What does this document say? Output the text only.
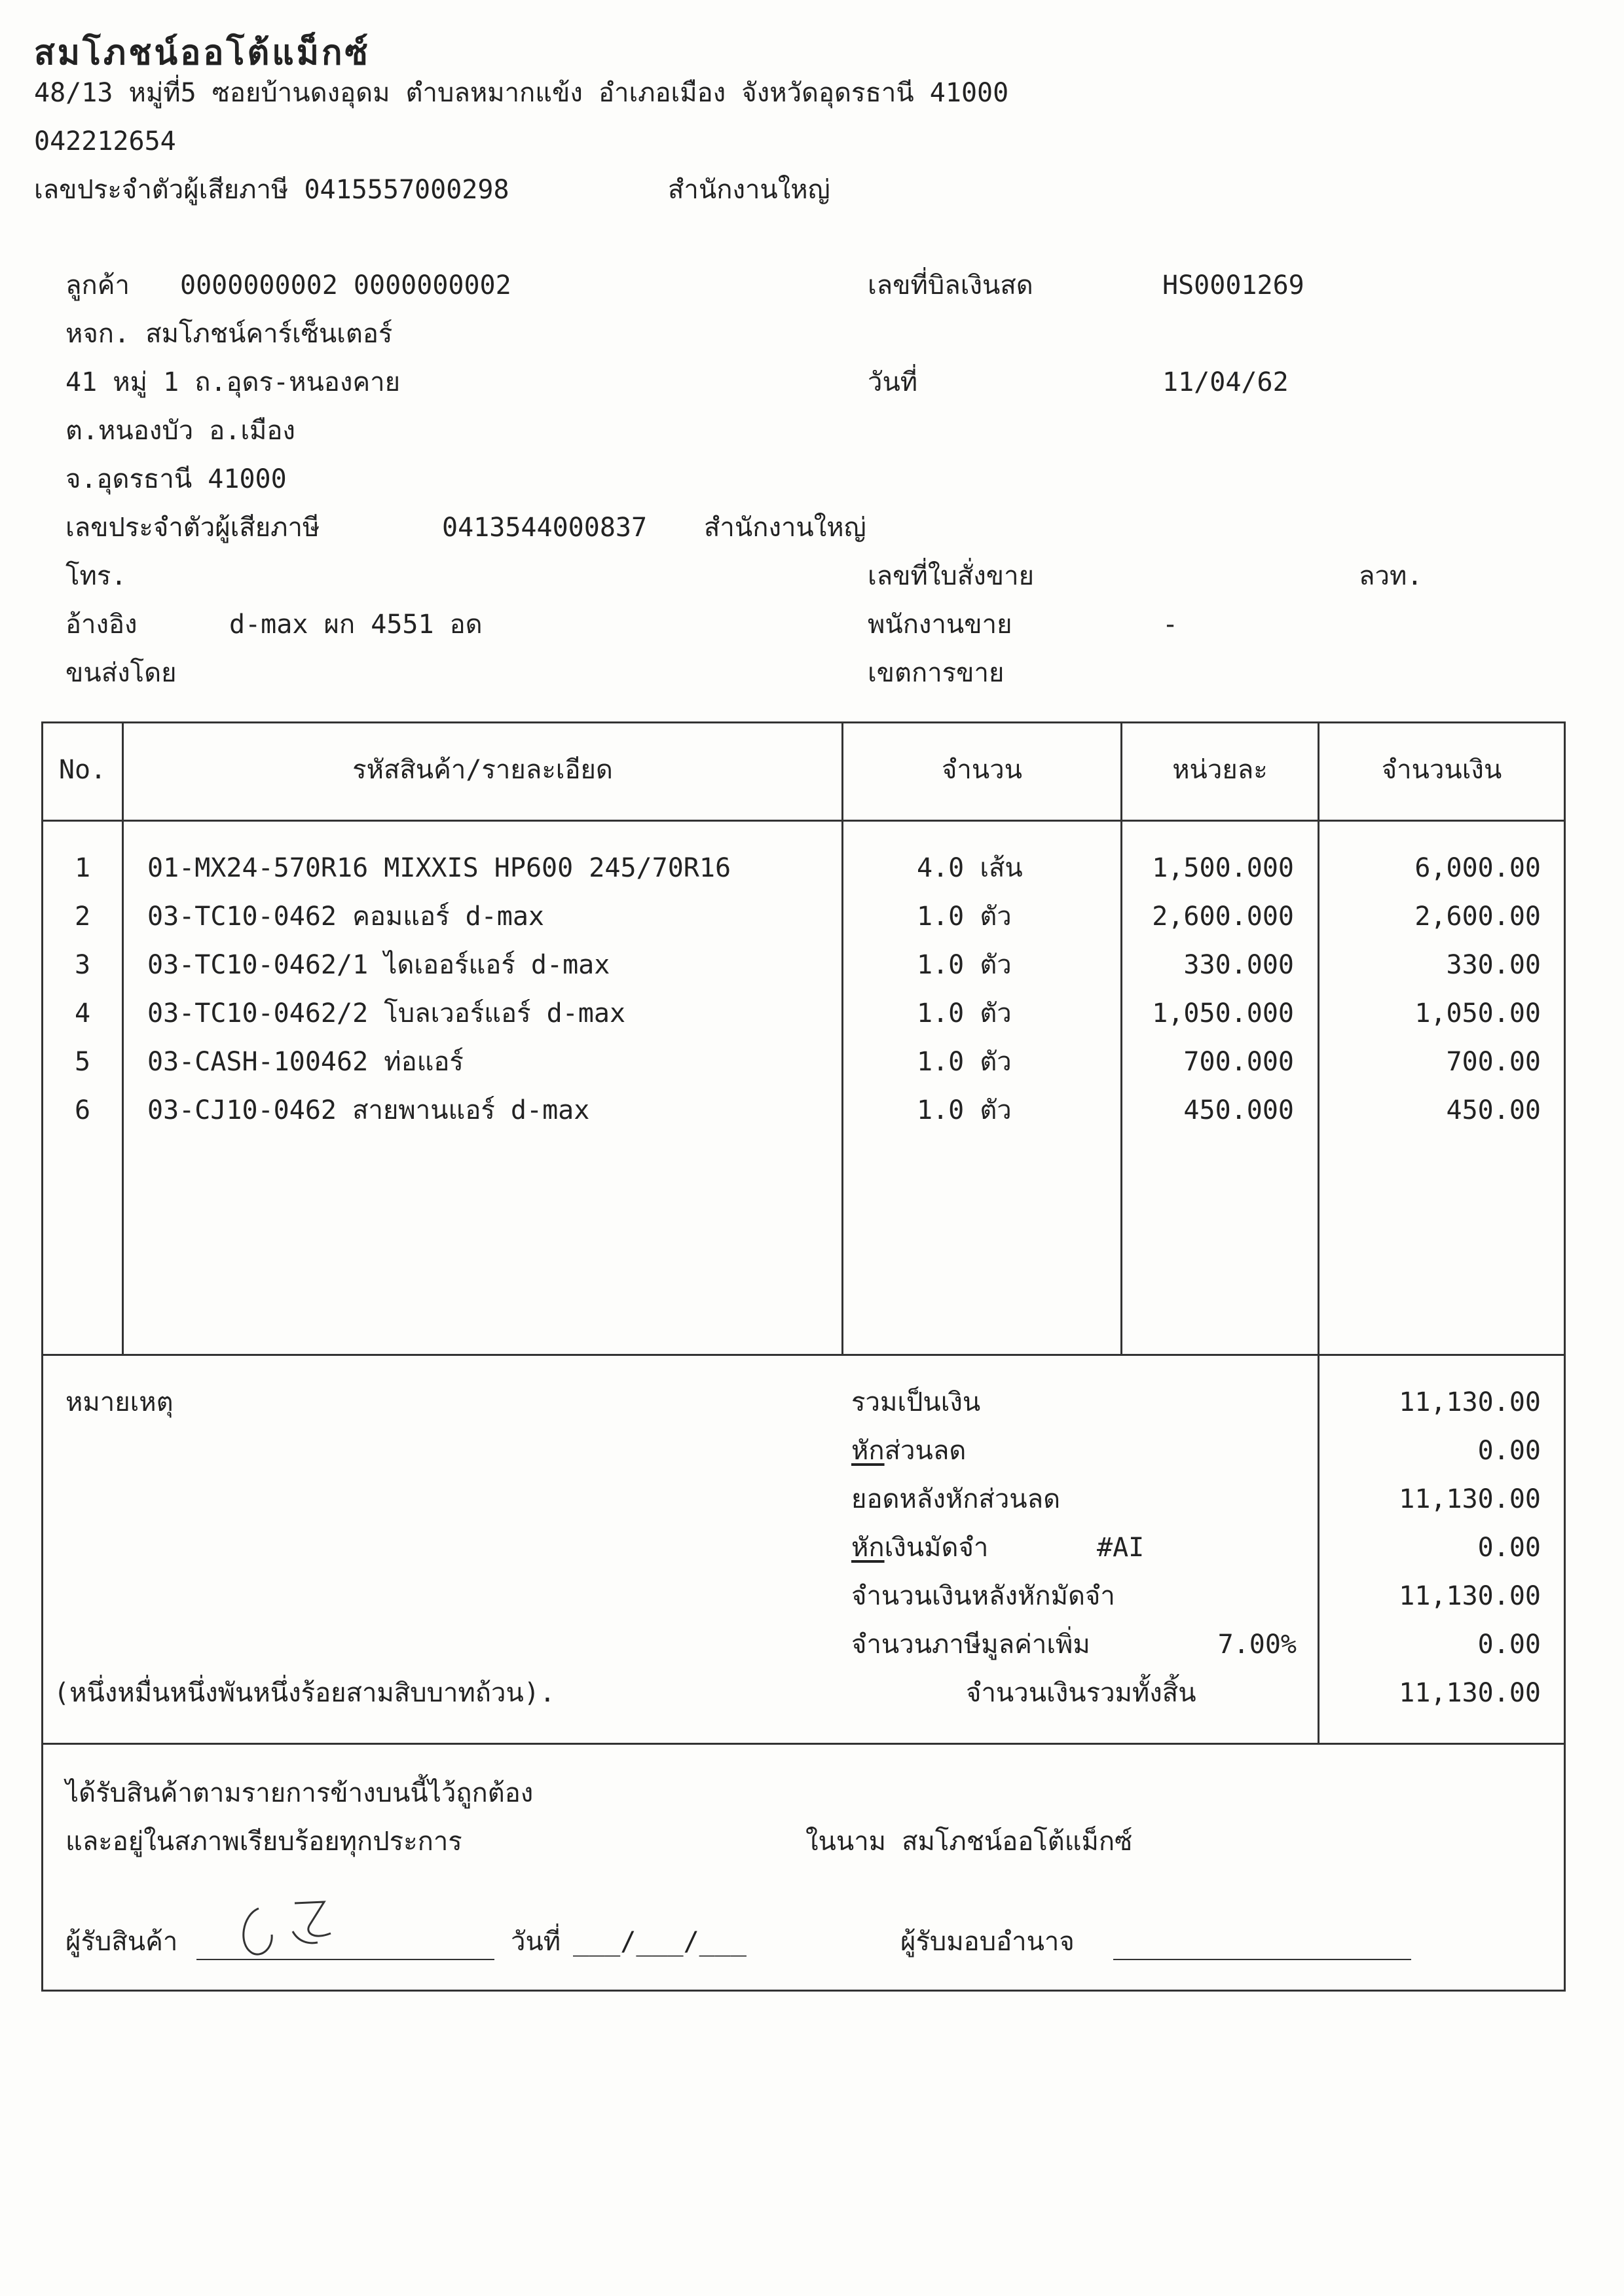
สมโภชน์ออโต้แม็กซ์
48/13 หมู่ที่5 ซอยบ้านดงอุดม ตำบลหมากแข้ง อำเภอเมือง จังหวัดอุดรธานี 41000
042212654
เลขประจำตัวผู้เสียภาษี 0415557000298	สำนักงานใหญ่
ลูกค้า 0000000002 0000000002
หจก. สมโภชน์คาร์เซ็นเตอร์
41 หมู่ 1 ถ.อุดร-หนองคาย
ต.หนองบัว อ.เมือง
จ.อุดรธานี 41000
เลขประจำตัวผู้เสียภาษี	0413544000837 สำนักงานใหญ่
โทร.
อ้างอิง	d-max ผก 4551 อด
ขนส่งโดย
เลขที่บิลเงินสด	HS0001269
วันที่	11/04/62
เลขที่ใบสั่งขาย	ลวท.
พนักงานขาย	-
เขตการขาย
No.	รหัสสินค้า/รายละเอียด	จำนวน	หน่วยละ	จำนวนเงิน
1	01-MX24-570R16 MIXXIS HP600 245/70R16	4.0 เส้น	1,500.000	6,000.00
2	03-TC10-0462 คอมแอร์ d-max	1.0 ตัว	2,600.000	2,600.00
3	03-TC10-0462/1 ไดเออร์แอร์ d-max	1.0 ตัว	330.000	330.00
4	03-TC10-0462/2 โบลเวอร์แอร์ d-max	1.0 ตัว	1,050.000	1,050.00
5	03-CASH-100462 ท่อแอร์	1.0 ตัว	700.000	700.00
6	03-CJ10-0462 สายพานแอร์ d-max	1.0 ตัว	450.000	450.00
หมายเหตุ	รวมเป็นเงิน	11,130.00
หักส่วนลด	0.00
ยอดหลังหักส่วนลด	11,130.00
หักเงินมัดจำ	#AI	0.00
จำนวนเงินหลังหักมัดจำ	11,130.00
จำนวนภาษีมูลค่าเพิ่ม	7.00%	0.00
(หนึ่งหมื่นหนึ่งพันหนึ่งร้อยสามสิบบาทถ้วน).	จำนวนเงินรวมทั้งสิ้น	11,130.00
ได้รับสินค้าตามรายการข้างบนนี้ไว้ถูกต้อง
และอยู่ในสภาพเรียบร้อยทุกประการ	ในนาม สมโภชน์ออโต้แม็กซ์
ผู้รับสินค้า	วันที่ ___/___/___	ผู้รับมอบอำนาจ
